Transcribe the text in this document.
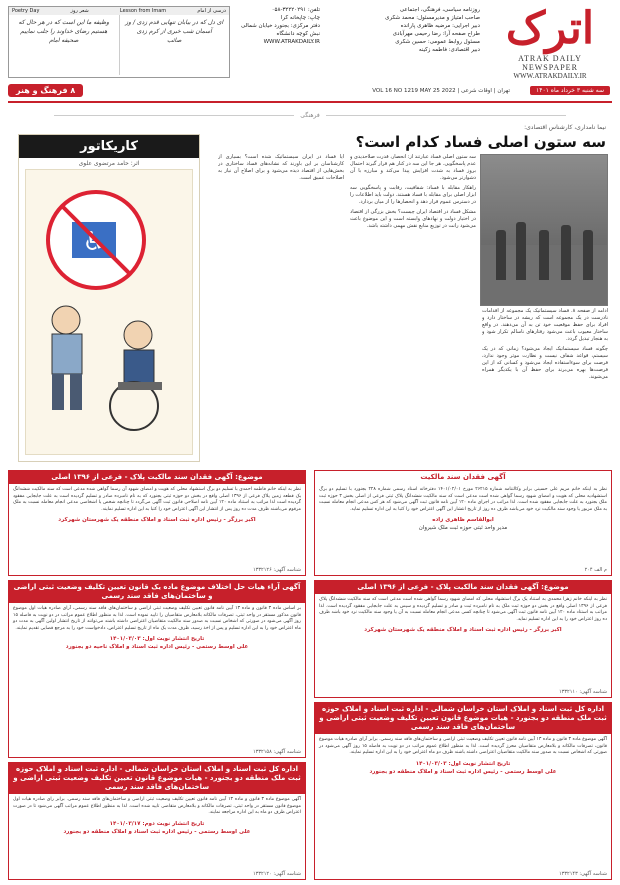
اترک
ATRAK DAILY NEWSPAPER
WWW.ATRAKDAILY.IR
روزنامه سیاسی، فرهنگی، اجتماعی
صاحب امتیاز و مدیرمسئول: محمد شکری
دبیر اجرایی: مرضیه ظاهری پارانده
طراح صفحه آرا: رضا رحیمی مهرآبادی
مسئول روابط عمومی: حسین شکری
دبیر اقتصادی: فاطمه زکینه
تلفن: ۳۲۲۲۰۲۹۱-۰۵۸
چاپ: چاپخانه کرا
دفتر مرکزی: بجنورد خیابان شمالی
نبش کوچه دانشگاه
WWW.ATRAKDAILY.IR
Poetry Day	شعر روز	Lesson from Imam	درسی از امام
ای دل که در بیابان تنهایی قدم زدی / وز آسمان شب خبری از کرم زدی
صائب
وظیفه ما این است که در هر حال که هستیم رضای خداوند را جلب نماییم
صحیفه امام
سه شنبه ۳ خرداد ماه ۱۴۰۱
تهران | اوقات شرعی | VOL 16 NO 1219 MAY 25 2022
۸ فرهنگ و هنر
فرهنگی
نیما نامداری، کارشناس اقتصادی:
سه ستون اصلی فساد کدام است؟

ادامه از صفحه ۸. فساد سیستماتیک یک مجموعه از اقدامات نادرست در یک مجموعه است که ریشه در ساختار دارد و افراد برای حفظ موقعیت خود تن به آن می‌دهند. در واقع ساختار معیوب باعث می‌شود رفتارهای ناسالم تکرار شود و به هنجار تبدیل گردد.

چگونه فساد سیستماتیک ایجاد می‌شود؟ زمانی که در یک سیستم، قواعد شفاف نیست و نظارت موثر وجود ندارد، فرصت برای سوءاستفاده ایجاد می‌شود و کسانی که از این فرصت‌ها بهره می‌برند برای حفظ آن با یکدیگر همراه می‌شوند.

سه ستون اصلی فساد عبارتند از: انحصار، قدرت صلاحدیدی و عدم پاسخگویی. هر جا این سه در کنار هم قرار گیرند احتمال بروز فساد به شدت افزایش پیدا می‌کند و مبارزه با آن دشوارتر می‌شود.

راهکار مقابله با فساد: شفافیت، رقابت و پاسخگویی سه ابزار اصلی برای مقابله با فساد هستند. دولت باید اطلاعات را در دسترس عموم قرار دهد و انحصارها را از میان بردارد.

مشکل فساد در اقتصاد ایران چیست؟ بخش بزرگی از اقتصاد در اختیار دولت و نهادهای وابسته است و این موضوع باعث می‌شود رانت در توزیع منابع نقش مهمی داشته باشد.

آیا فساد در ایران سیستماتیک شده است؟ بسیاری از کارشناسان بر این باورند که نشانه‌های فساد ساختاری در بخش‌هایی از اقتصاد دیده می‌شود و برای اصلاح آن نیاز به اصلاحات عمیق است.

کاریکاتور
اثر: حامد مرتضوی علوی
♿
آگهی فقدان سند مالکیت
نظر به اینکه خانم مریم علی حسینی برابر وکالتنامه شماره ۲۶۲۱۵ مورخ ۱۴۰۱/۰۲/۰۱ دفترخانه اسناد رسمی شماره ۲۲۸ بجنورد با تسلیم دو برگ استشهادیه محلی که هویت و امضای شهود رسما گواهی شده است مدعی است که سند مالکیت ششدانگ پلاک ثبتی فرعی از اصلی بخش ۳ حوزه ثبت ملک بجنورد به علت جابجایی مفقود شده است. لذا مراتب در اجرای ماده ۱۲۰ آیین نامه قانون ثبت آگهی می‌شود که هر کس مدعی انجام معامله نسبت به ملک مزبور یا وجود سند مالکیت نزد خود می‌باشد ظرف ده روز از تاریخ انتشار این آگهی اعتراض خود را کتبا به این اداره تسلیم نماید.
ابوالقاسم ظاهری زاده
مدیر واحد ثبتی حوزه ثبت ملک شیروان
م الف ۲۰۴
موضوع: آگهی فقدان سند مالکیت پلاک - فرعی از ۱۳۹۶ اصلی
نظر به اینکه خانم فاطمه احمدی با تسلیم دو برگ استشهاد محلی که هویت و امضای شهود آن رسما گواهی شده مدعی است که سند مالکیت ششدانگ یک قطعه زمین پلاک فرعی از ۱۳۹۶ اصلی واقع در بخش دو حوزه ثبتی بجنورد که به نام نامبرده صادر و تسلیم گردیده است به علت جابجایی مفقود گردیده است لذا مراتب به استناد ماده ۱۲۰ آیین نامه اصلاحی قانون ثبت آگهی می‌گردد تا چنانچه شخص یا اشخاصی مدعی انجام معامله نسبت به ملک مرقوم می‌باشند ظرف مدت ده روز پس از انتشار این آگهی اعتراض خود را کتبا به این اداره تسلیم نمایند.
اکبر برزگر - رئیس اداره ثبت اسناد و املاک منطقه یک شهرستان شهرکرد
شناسه آگهی: ۱۳۳۲۱۲۶
موضوع: آگهی فقدان سند مالکیت پلاک - فرعی از ۱۳۹۶ اصلی
نظر به اینکه خانم زهرا محمدی به استناد یک برگ استشهاد محلی که امضای شهود رسما گواهی شده است مدعی است که سند مالکیت ششدانگ پلاک فرعی از ۱۳۹۶ اصلی واقع در بخش دو حوزه ثبت ملک به نام نامبرده ثبت و صادر و تسلیم گردیده و سپس به علت جابجایی مفقود گردیده است. لذا مراتب به استناد ماده ۱۲۰ آیین نامه قانون ثبت آگهی می‌شود تا چنانچه کسی مدعی انجام معامله نسبت به آن یا وجود سند مالکیت نزد خود باشد ظرف ده روز اعتراض خود را به این اداره تسلیم نماید.
اکبر برزگر - رئیس اداره ثبت اسناد و املاک منطقه یک شهرستان شهرکرد
شناسه آگهی: ۱۳۳۲۱۱۰
آگهی آراء هیات حل اختلاف موضوع ماده یک قانون تعیین تکلیف وضعیت ثبتی اراضی و ساختمان‌های فاقد سند رسمی
بر اساس ماده ۳ قانون و ماده ۱۳ آیین نامه قانون تعیین تکلیف وضعیت ثبتی اراضی و ساختمان‌های فاقد سند رسمی، آرای صادره هیات اول موضوع قانون مذکور مستقر در واحد ثبتی، تصرفات مالکانه بلامعارض متقاضیان را تایید نموده است. لذا به منظور اطلاع عموم مراتب در دو نوبت به فاصله ۱۵ روز آگهی می‌شود در صورتی که اشخاص نسبت به صدور سند مالکیت متقاضیان اعتراضی داشته باشند می‌توانند از تاریخ انتشار اولین آگهی به مدت دو ماه اعتراض خود را به این اداره تسلیم و پس از اخذ رسید، ظرف مدت یک ماه از تاریخ تسلیم اعتراض، دادخواست خود را به مرجع قضایی تقدیم نمایند.
تاریخ انتشار نوبت اول: ۱۴۰۱/۰۳/۰۳
علی اوسط رستمی - رئیس اداره ثبت اسناد و املاک ناحیه دو بجنورد
شناسه آگهی: ۱۳۳۲۱۵۸
اداره کل ثبت اسناد و املاک استان خراسان شمالی - اداره ثبت اسناد و املاک حوزه ثبت ملک منطقه دو بجنورد - هیات موضوع قانون تعیین تکلیف وضعیت ثبتی اراضی و ساختمان‌های فاقد سند رسمی
آگهی موضوع ماده ۳ قانون و ماده ۱۳ آیین نامه قانون تعیین تکلیف وضعیت ثبتی اراضی و ساختمان‌های فاقد سند رسمی. برابر آرای صادره هیات موضوع قانون، تصرفات مالکانه و بلامعارض متقاضیان محرز گردیده است. لذا به منظور اطلاع عموم مراتب در دو نوبت به فاصله ۱۵ روز آگهی می‌شود در صورتی که اشخاص نسبت به صدور سند مالکیت متقاضیان اعتراضی داشته باشند ظرف دو ماه اعتراض خود را به این اداره تسلیم نمایند.
تاریخ انتشار نوبت اول: ۱۴۰۱/۰۳/۰۳
علی اوسط رستمی - رئیس اداره ثبت اسناد و املاک منطقه دو بجنورد
شناسه آگهی: ۱۳۳۲۱۴۳
اداره کل ثبت اسناد و املاک استان خراسان شمالی - اداره ثبت اسناد و املاک حوزه ثبت ملک منطقه دو بجنورد - هیات موضوع قانون تعیین تکلیف وضعیت ثبتی اراضی و ساختمان‌های فاقد سند رسمی
آگهی موضوع ماده ۳ قانون و ماده ۱۳ آیین نامه قانون تعیین تکلیف وضعیت ثبتی اراضی و ساختمان‌های فاقد سند رسمی. برابر رای صادره هیات اول موضوع قانون مستقر در واحد ثبتی، تصرفات مالکانه و بلامعارض متقاضی تایید شده است. لذا به منظور اطلاع عموم مراتب آگهی می‌شود تا در صورت اعتراض ظرف دو ماه به این اداره مراجعه نمایند.
تاریخ انتشار نوبت دوم: ۱۴۰۱/۰۳/۱۷
علی اوسط رستمی - رئیس اداره ثبت اسناد و املاک منطقه دو بجنورد
شناسه آگهی: ۱۳۳۲۱۲۰
